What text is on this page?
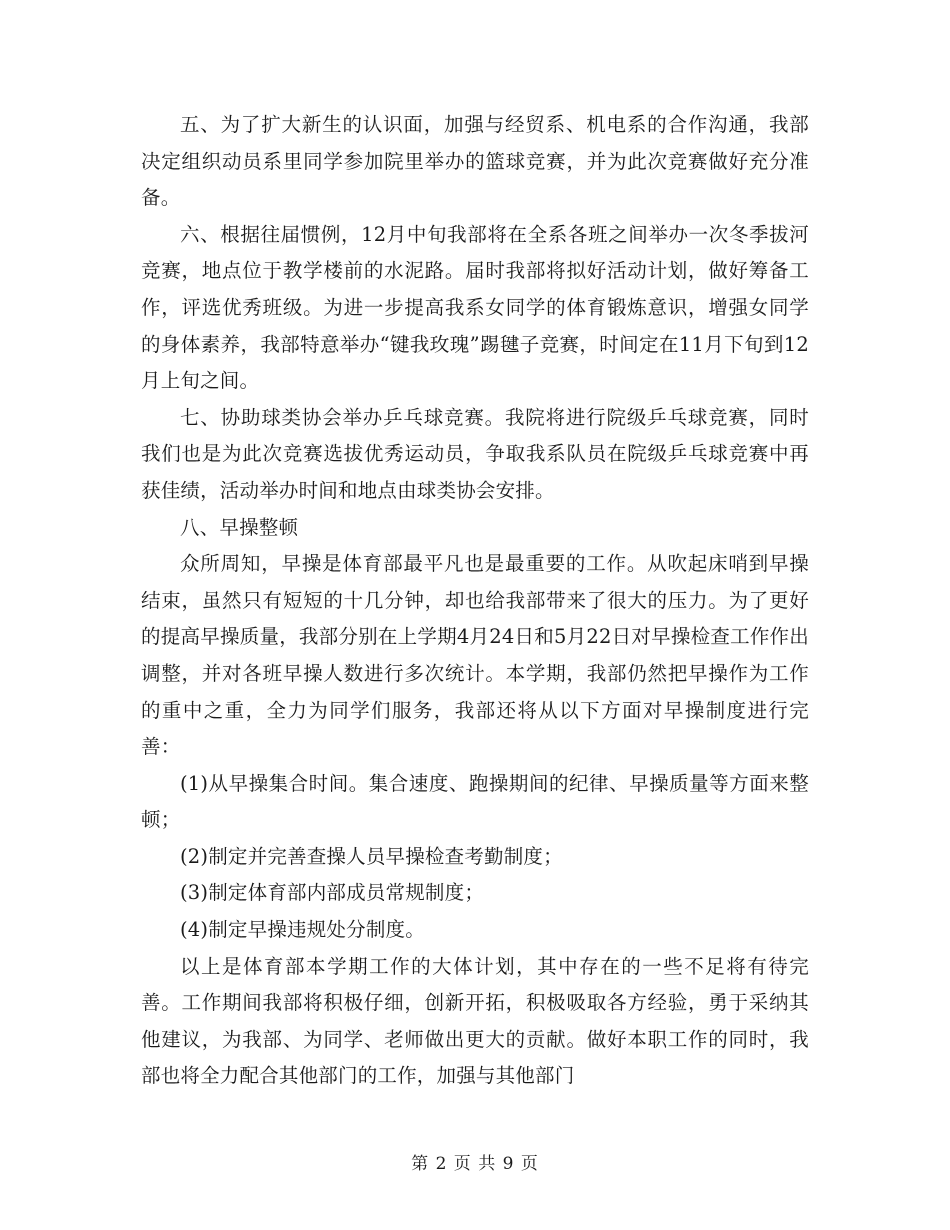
五、为了扩大新生的认识面，加强与经贸系、机电系的合作沟通，我部决定组织动员系里同学参加院里举办的篮球竞赛，并为此次竞赛做好充分准备。

六、根据往届惯例，12月中旬我部将在全系各班之间举办一次冬季拔河竞赛，地点位于教学楼前的水泥路。届时我部将拟好活动计划，做好筹备工作，评选优秀班级。为进一步提高我系女同学的体育锻炼意识，增强女同学的身体素养，我部特意举办“键我玫瑰”踢毽子竞赛，时间定在11月下旬到12月上旬之间。

七、协助球类协会举办乒乓球竞赛。我院将进行院级乒乓球竞赛，同时我们也是为此次竞赛选拔优秀运动员，争取我系队员在院级乒乓球竞赛中再获佳绩，活动举办时间和地点由球类协会安排。

八、早操整顿

众所周知，早操是体育部最平凡也是最重要的工作。从吹起床哨到早操结束，虽然只有短短的十几分钟，却也给我部带来了很大的压力。为了更好的提高早操质量，我部分别在上学期4月24日和5月22日对早操检查工作作出调整，并对各班早操人数进行多次统计。本学期，我部仍然把早操作为工作的重中之重，全力为同学们服务，我部还将从以下方面对早操制度进行完善：

(1)从早操集合时间。集合速度、跑操期间的纪律、早操质量等方面来整顿；

(2)制定并完善查操人员早操检查考勤制度；

(3)制定体育部内部成员常规制度；

(4)制定早操违规处分制度。

以上是体育部本学期工作的大体计划，其中存在的一些不足将有待完善。工作期间我部将积极仔细，创新开拓，积极吸取各方经验，勇于采纳其他建议，为我部、为同学、老师做出更大的贡献。做好本职工作的同时，我部也将全力配合其他部门的工作，加强与其他部门

第 2 页 共 9 页
